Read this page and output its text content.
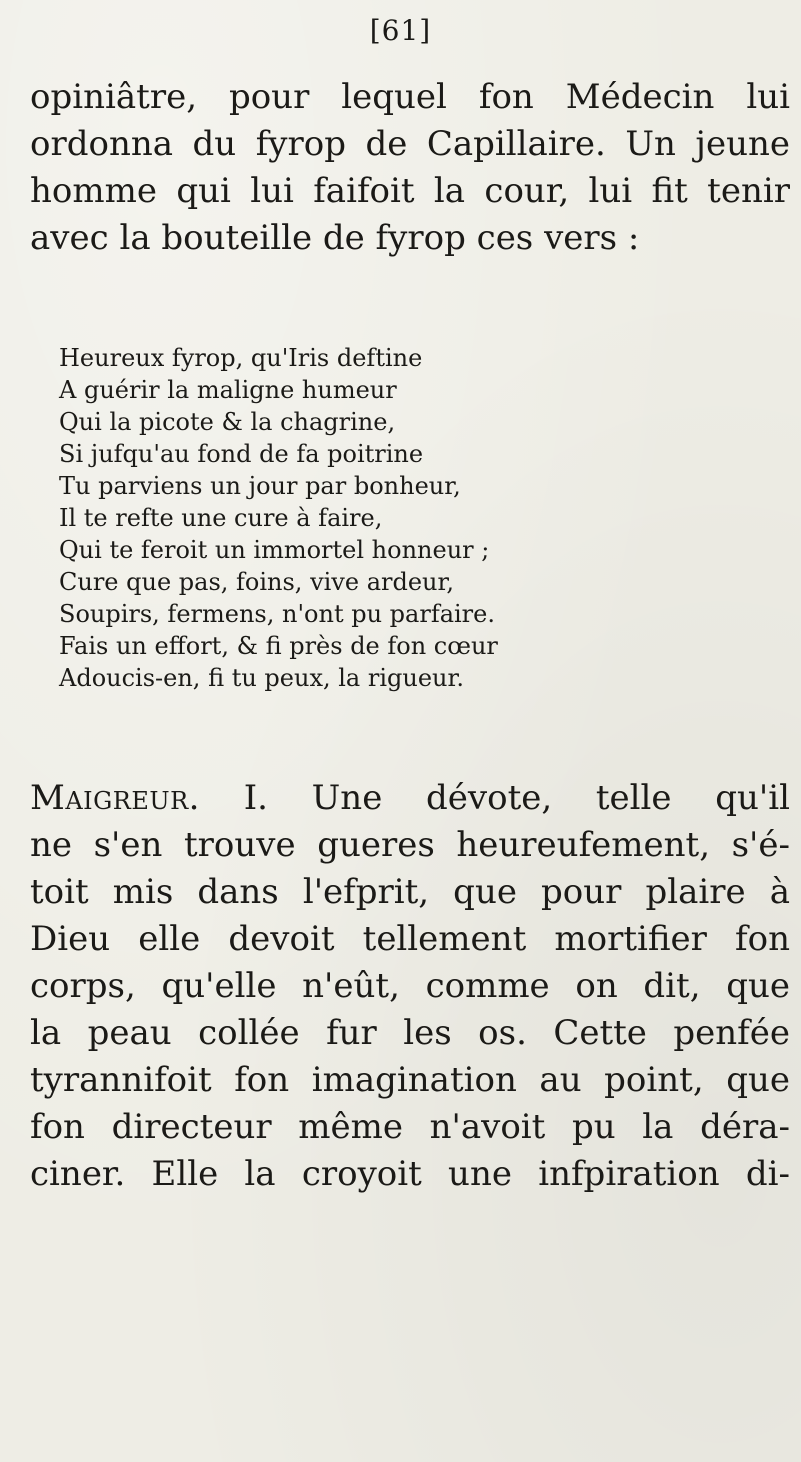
[61]
opiniâtre, pour lequel fon Médecin lui
ordonna du fyrop de Capillaire. Un jeune
homme qui lui faifoit la cour, lui fit tenir
avec la bouteille de fyrop ces vers :
Heureux fyrop, qu'Iris deftine
A guérir la maligne humeur
Qui la picote & la chagrine,
Si jufqu'au fond de fa poitrine
Tu parviens un jour par bonheur,
Il te refte une cure à faire,
Qui te feroit un immortel honneur ;
Cure que pas, foins, vive ardeur,
Soupirs, fermens, n'ont pu parfaire.
Fais un effort, & fi près de fon cœur
Adoucis-en, fi tu peux, la rigueur.
Maigreur. I. Une dévote, telle qu'il
ne s'en trouve gueres heureufement, s'é-
toit mis dans l'efprit, que pour plaire à
Dieu elle devoit tellement mortifier fon
corps, qu'elle n'eût, comme on dit, que
la peau collée fur les os. Cette penfée
tyrannifoit fon imagination au point, que
fon directeur même n'avoit pu la déra-
ciner. Elle la croyoit une infpiration di-
